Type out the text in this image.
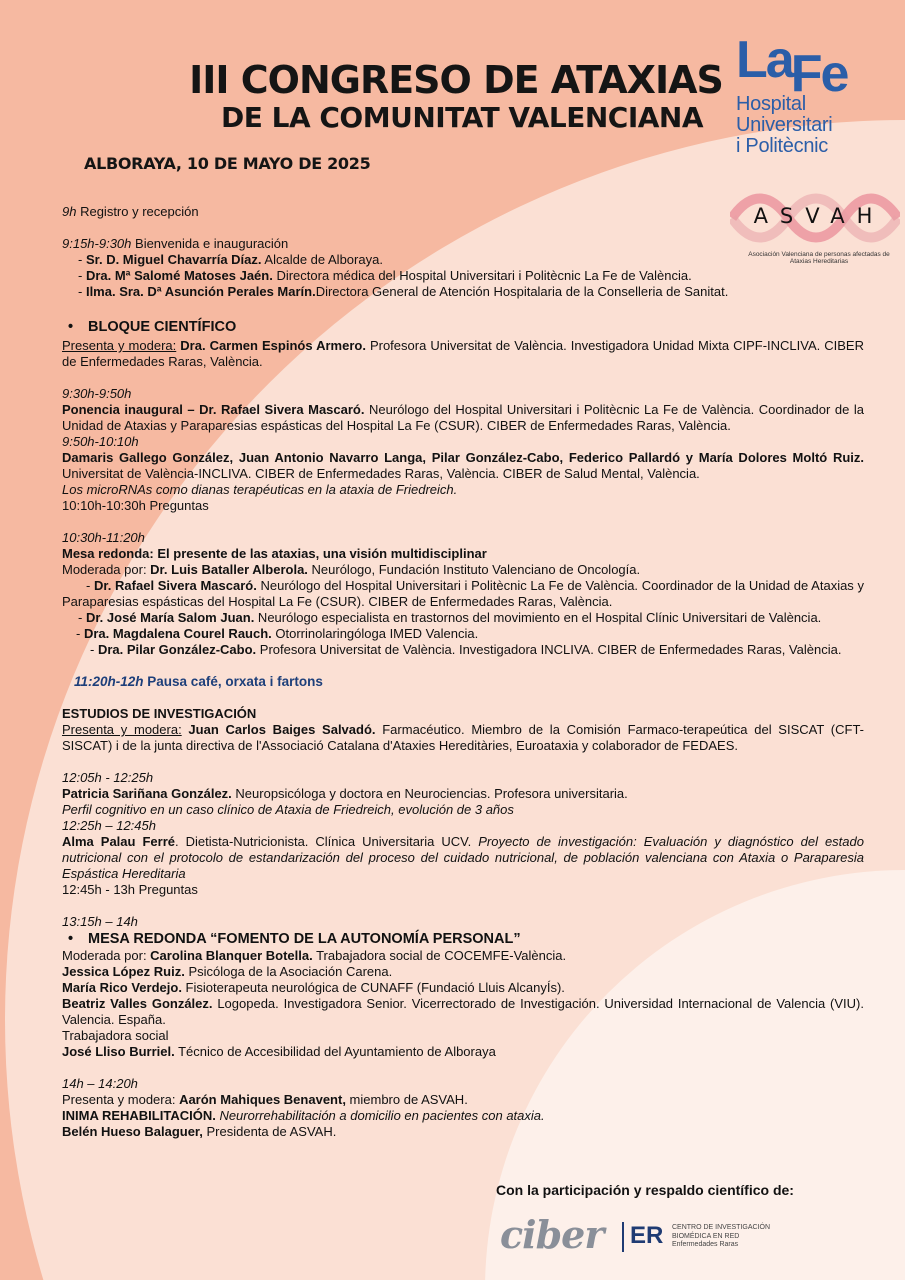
III CONGRESO DE ATAXIAS
DE LA COMUNITAT VALENCIANA
ALBORAYA, 10 DE MAYO DE 2025
LaFe
Hospital
Universitari
i Politècnic
ASVAH
Asociación Valenciana de personas afectadas de Ataxias Hereditarias

9h Registro y recepción

9:15h-9:30h Bienvenida e inauguración

- Sr. D. Miguel Chavarría Díaz. Alcalde de Alboraya.

- Dra. Mª Salomé Matoses Jaén. Directora médica del Hospital Universitari i Politècnic La Fe de València.

- Ilma. Sra. Dª Asunción Perales Marín.Directora General de Atención Hospitalaria de la Conselleria de Sanitat.

• BLOQUE CIENTÍFICO

Presenta y modera: Dra. Carmen Espinós Armero. Profesora Universitat de València. Investigadora Unidad Mixta CIPF-INCLIVA. CIBER de Enfermedades Raras, València.

9:30h-9:50h

Ponencia inaugural – Dr. Rafael Sivera Mascaró. Neurólogo del Hospital Universitari i Politècnic La Fe de València. Coordinador de la Unidad de Ataxias y Paraparesias espásticas del Hospital La Fe (CSUR). CIBER de Enfermedades Raras, València.

9:50h-10:10h

Damaris Gallego González, Juan Antonio Navarro Langa, Pilar González-Cabo, Federico Pallardó y María Dolores Moltó Ruiz. Universitat de València-INCLIVA. CIBER de Enfermedades Raras, València. CIBER de Salud Mental, València.

Los microRNAs como dianas terapéuticas en la ataxia de Friedreich.

10:10h-10:30h Preguntas

10:30h-11:20h

Mesa redonda: El presente de las ataxias, una visión multidisciplinar

Moderada por: Dr. Luis Bataller Alberola. Neurólogo, Fundación Instituto Valenciano de Oncología.

- Dr. Rafael Sivera Mascaró. Neurólogo del Hospital Universitari i Politècnic La Fe de València. Coordinador de la Unidad de Ataxias y Paraparesias espásticas del Hospital La Fe (CSUR). CIBER de Enfermedades Raras, València.

- Dr. José María Salom Juan. Neurólogo especialista en trastornos del movimiento en el Hospital Clínic Universitari de València.

- Dra. Magdalena Courel Rauch. Otorrinolaringóloga IMED Valencia.

- Dra. Pilar González-Cabo. Profesora Universitat de València. Investigadora INCLIVA. CIBER de Enfermedades Raras, València.

11:20h-12h Pausa café, orxata i fartons

ESTUDIOS DE INVESTIGACIÓN

Presenta y modera: Juan Carlos Baiges Salvadó. Farmacéutico. Miembro de la Comisión Farmaco-terapeútica del SISCAT (CFT-SISCAT) i de la junta directiva de l'Associació Catalana d'Ataxies Hereditàries, Euroataxia y colaborador de FEDAES.

12:05h - 12:25h

Patricia Sariñana González. Neuropsicóloga y doctora en Neurociencias. Profesora universitaria.

Perfil cognitivo en un caso clínico de Ataxia de Friedreich, evolución de 3 años

12:25h – 12:45h

Alma Palau Ferré. Dietista-Nutricionista. Clínica Universitaria UCV. Proyecto de investigación: Evaluación y diagnóstico del estado nutricional con el protocolo de estandarización del proceso del cuidado nutricional, de población valenciana con Ataxia o Paraparesia Espástica Hereditaria

12:45h - 13h Preguntas

13:15h – 14h

• MESA REDONDA “FOMENTO DE LA AUTONOMÍA PERSONAL”

Moderada por: Carolina Blanquer Botella. Trabajadora social de COCEMFE-València.

Jessica López Ruiz. Psicóloga de la Asociación Carena.

María Rico Verdejo. Fisioterapeuta neurológica de CUNAFF (Fundació Lluis AlcanyÍs).

Beatriz Valles González. Logopeda. Investigadora Senior. Vicerrectorado de Investigación. Universidad Internacional de Valencia (VIU). Valencia. España.

Trabajadora social

José Lliso Burriel. Técnico de Accesibilidad del Ayuntamiento de Alboraya

14h – 14:20h

Presenta y modera: Aarón Mahiques Benavent, miembro de ASVAH.

INIMA REHABILITACIÓN. Neurorrehabilitación a domicilio en pacientes con ataxia.

Belén Hueso Balaguer, Presidenta de ASVAH.

Con la participación y respaldo científico de:
ciber ER CENTRO DE INVESTIGACIÓN
BIOMÉDICA EN RED
Enfermedades Raras
